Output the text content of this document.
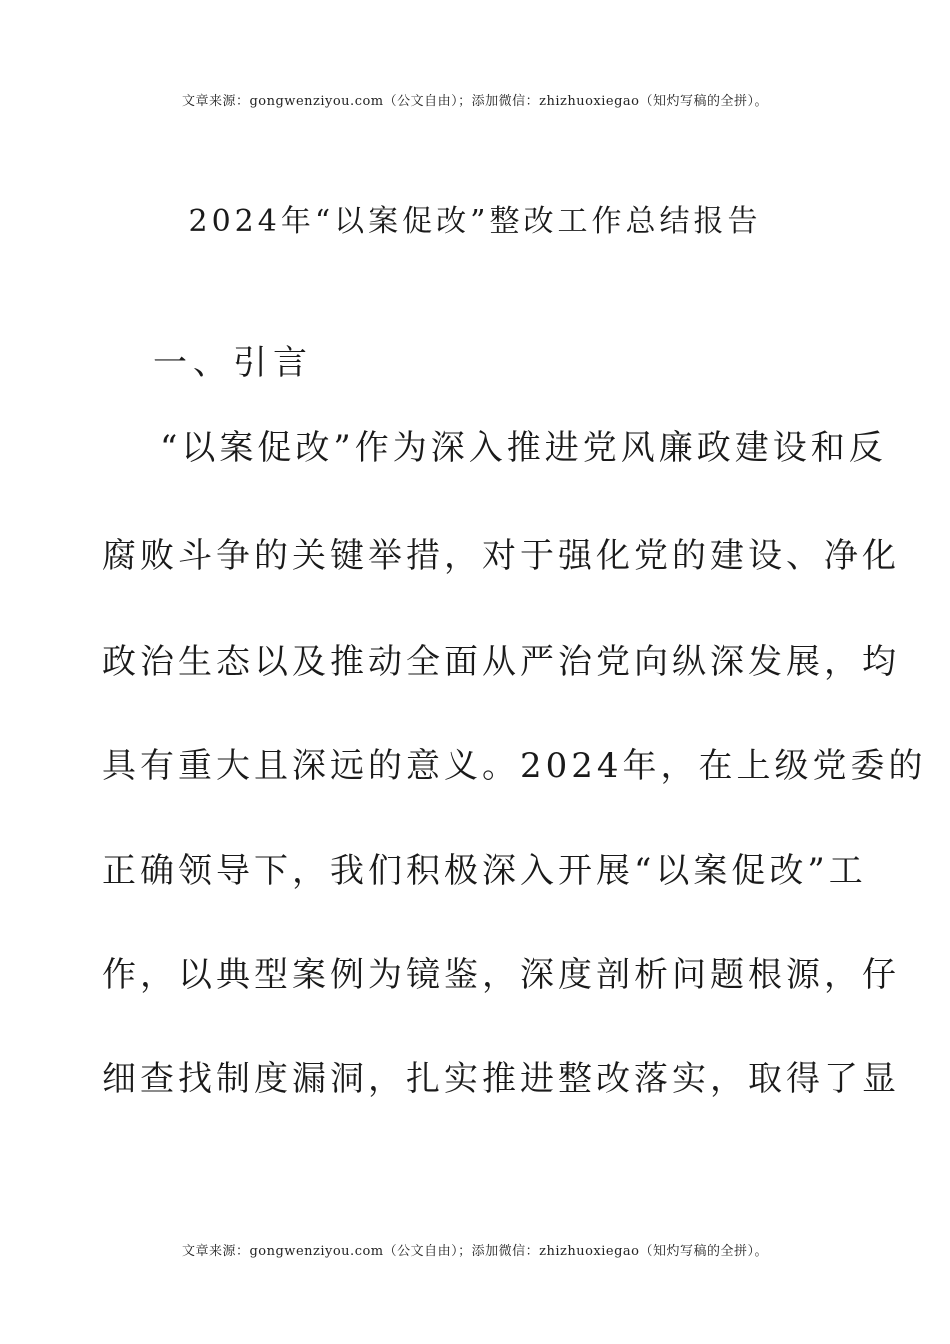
文章来源：gongwenziyou.com（公文自由）；添加微信：zhizhuoxiegao（知灼写稿的全拼）。
2024年“以案促改”整改工作总结报告
一、引言
“以案促改”作为深入推进党风廉政建设和反
腐败斗争的关键举措，对于强化党的建设、净化
政治生态以及推动全面从严治党向纵深发展，均
具有重大且深远的意义。2024年，在上级党委的
正确领导下，我们积极深入开展“以案促改”工
作，以典型案例为镜鉴，深度剖析问题根源，仔
细查找制度漏洞，扎实推进整改落实，取得了显
文章来源：gongwenziyou.com（公文自由）；添加微信：zhizhuoxiegao（知灼写稿的全拼）。
